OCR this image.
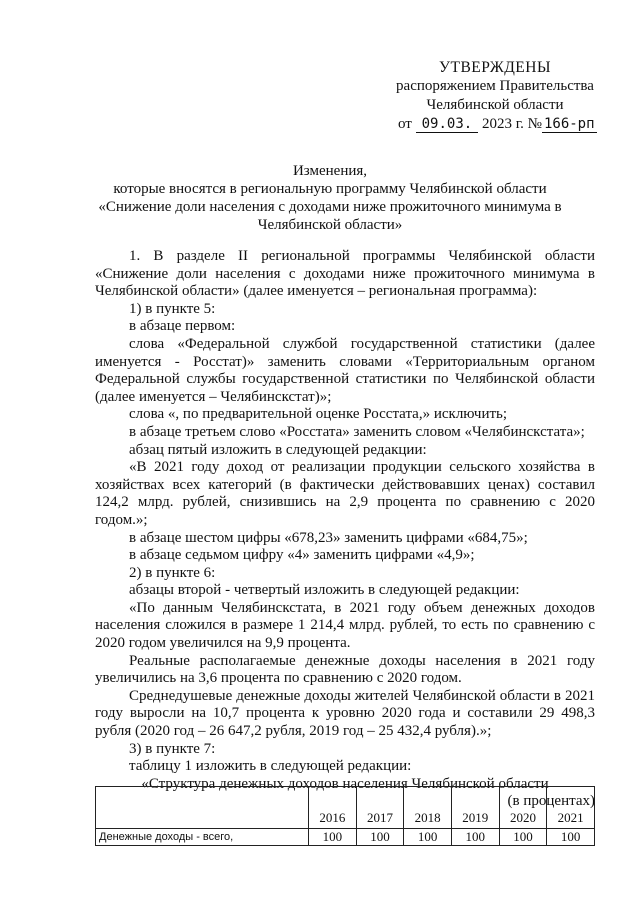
УТВЕРЖДЕНЫ
распоряжением Правительства
Челябинской области
от 09.03. 2023 г. № 166-рп
Изменения,
которые вносятся в региональную программу Челябинской области «Снижение доли населения с доходами ниже прожиточного минимума в Челябинской области»

1. В разделе II региональной программы Челябинской области «Снижение доли населения с доходами ниже прожиточного минимума в Челябинской области» (далее именуется – региональная программа):

1) в пункте 5:

в абзаце первом:

слова «Федеральной службой государственной статистики (далее именуется - Росстат)» заменить словами «Территориальным органом Федеральной службы государственной статистики по Челябинской области (далее именуется – Челябинскстат)»;

слова «, по предварительной оценке Росстата,» исключить;

в абзаце третьем слово «Росстата» заменить словом «Челябинскстата»;

абзац пятый изложить в следующей редакции:

«В 2021 году доход от реализации продукции сельского хозяйства в хозяйствах всех категорий (в фактически действовавших ценах) составил 124,2 млрд. рублей, снизившись на 2,9 процента по сравнению с 2020 годом.»;

в абзаце шестом цифры «678,23» заменить цифрами «684,75»;

в абзаце седьмом цифру «4» заменить цифрами «4,9»;

2) в пункте 6:

абзацы второй - четвертый изложить в следующей редакции:

«По данным Челябинскстата, в 2021 году объем денежных доходов населения сложился в размере 1 214,4 млрд. рублей, то есть по сравнению с 2020 годом увеличился на 9,9 процента.

Реальные располагаемые денежные доходы населения в 2021 году увеличились на 3,6 процента по сравнению с 2020 годом.

Среднедушевые денежные доходы жителей Челябинской области в 2021 году выросли на 10,7 процента к уровню 2020 года и составили 29 498,3 рубля (2020 год – 26 647,2 рубля, 2019 год – 25 432,4 рубля).»;

3) в пункте 7:

таблицу 1 изложить в следующей редакции:

«Структура денежных доходов населения Челябинской области

(в процентах)

	2016	2017	2018	2019	2020	2021
Денежные доходы - всего,	100	100	100	100	100	100
